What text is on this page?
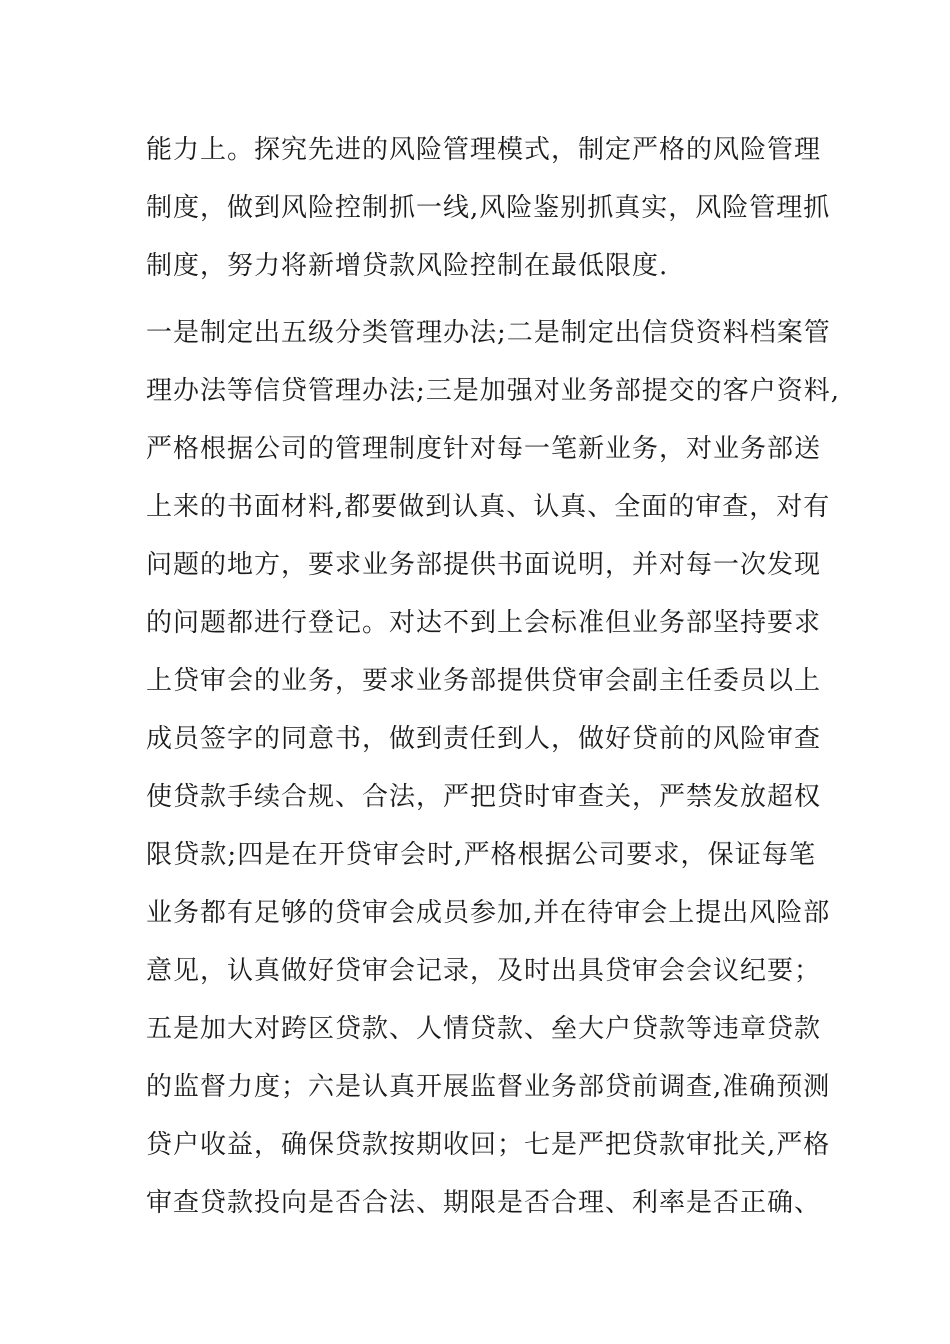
能力上。探究先进的风险管理模式，制定严格的风险管理
制度，做到风险控制抓一线,风险鉴别抓真实，风险管理抓
制度，努力将新增贷款风险控制在最低限度.
一是制定出五级分类管理办法;二是制定出信贷资料档案管
理办法等信贷管理办法;三是加强对业务部提交的客户资料,
严格根据公司的管理制度针对每一笔新业务，对业务部送
上来的书面材料,都要做到认真、认真、全面的审查，对有
问题的地方，要求业务部提供书面说明，并对每一次发现
的问题都进行登记。对达不到上会标准但业务部坚持要求
上贷审会的业务，要求业务部提供贷审会副主任委员以上
成员签字的同意书，做到责任到人，做好贷前的风险审查
使贷款手续合规、合法，严把贷时审查关，严禁发放超权
限贷款;四是在开贷审会时,严格根据公司要求，保证每笔
业务都有足够的贷审会成员参加,并在待审会上提出风险部
意见，认真做好贷审会记录，及时出具贷审会会议纪要；
五是加大对跨区贷款、人情贷款、垒大户贷款等违章贷款
的监督力度；六是认真开展监督业务部贷前调查,准确预测
贷户收益，确保贷款按期收回；七是严把贷款审批关,严格
审查贷款投向是否合法、期限是否合理、利率是否正确、
